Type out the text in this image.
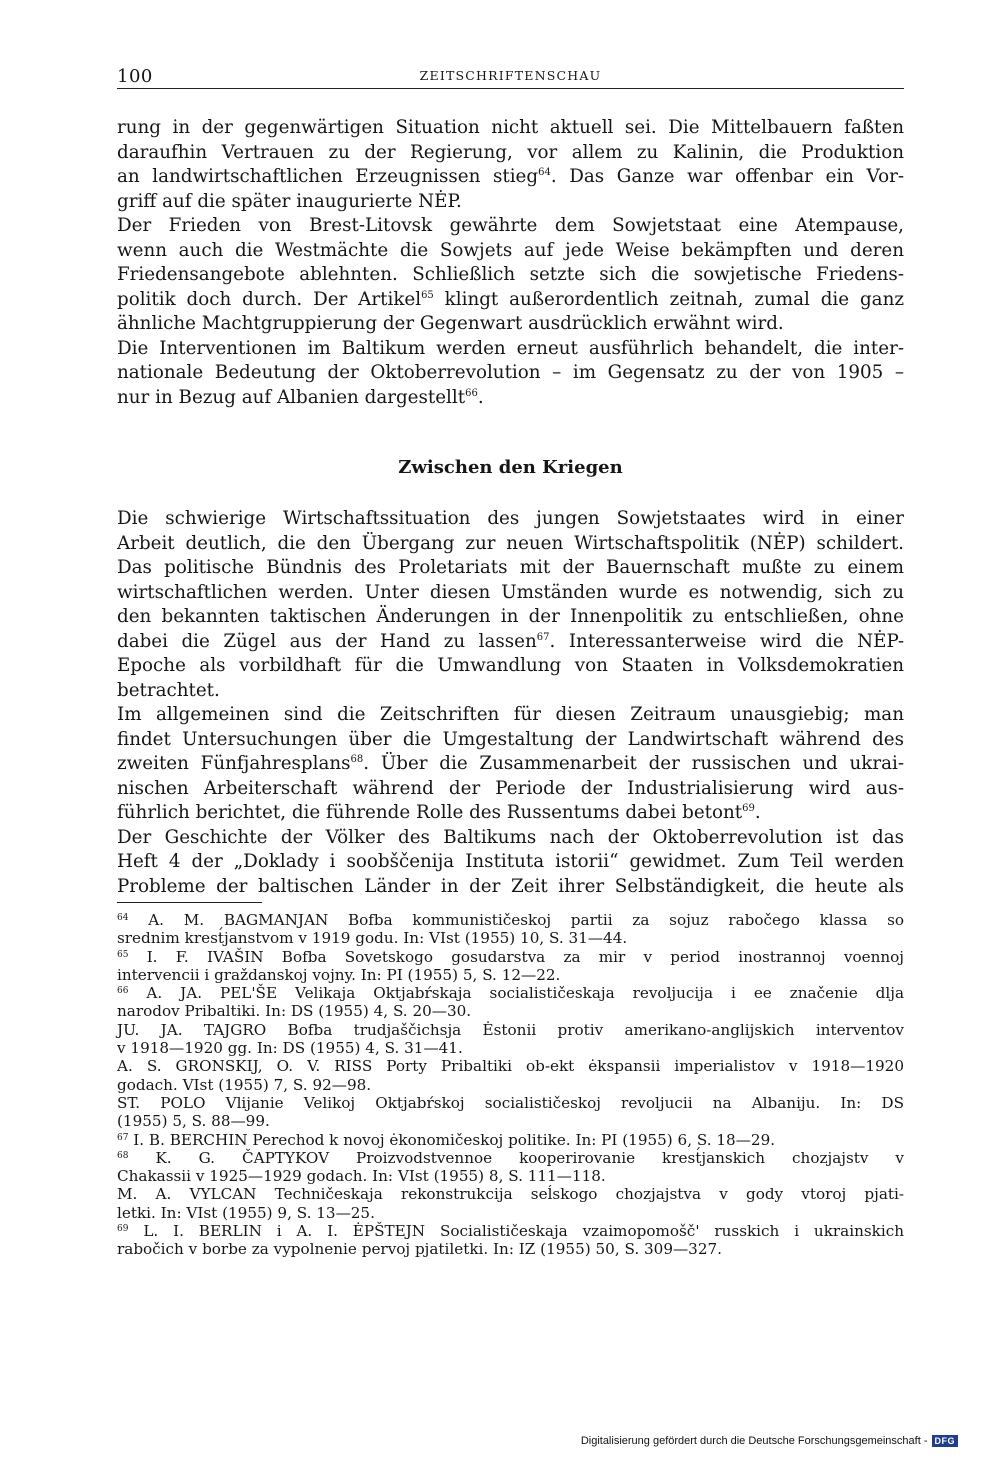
100	ZEITSCHRIFTENSCHAU

rung in der gegenwärtigen Situation nicht aktuell sei. Die Mittelbauern faßten
daraufhin Vertrauen zu der Regierung, vor allem zu Kalinin, die Produktion
an landwirtschaftlichen Erzeugnissen stieg$^{64}$. Das Ganze war offenbar ein Vor-
griff auf die später inaugurierte NĖP.

Der Frieden von Brest-Litovsk gewährte dem Sowjetstaat eine Atempause,
wenn auch die Westmächte die Sowjets auf jede Weise bekämpften und deren
Friedensangebote ablehnten. Schließlich setzte sich die sowjetische Friedens-
politik doch durch. Der Artikel$^{65}$ klingt außerordentlich zeitnah, zumal die ganz
ähnliche Machtgruppierung der Gegenwart ausdrücklich erwähnt wird.

Die Interventionen im Baltikum werden erneut ausführlich behandelt, die inter-
nationale Bedeutung der Oktoberrevolution – im Gegensatz zu der von 1905 –
nur in Bezug auf Albanien dargestellt$^{66}$.

Zwischen den Kriegen

Die schwierige Wirtschaftssituation des jungen Sowjetstaates wird in einer
Arbeit deutlich, die den Übergang zur neuen Wirtschaftspolitik (NĖP) schildert.
Das politische Bündnis des Proletariats mit der Bauernschaft mußte zu einem
wirtschaftlichen werden. Unter diesen Umständen wurde es notwendig, sich zu
den bekannten taktischen Änderungen in der Innenpolitik zu entschließen, ohne
dabei die Zügel aus der Hand zu lassen$^{67}$. Interessanterweise wird die NĖP-
Epoche als vorbildhaft für die Umwandlung von Staaten in Volksdemokratien
betrachtet.

Im allgemeinen sind die Zeitschriften für diesen Zeitraum unausgiebig; man
findet Untersuchungen über die Umgestaltung der Landwirtschaft während des
zweiten Fünfjahresplans$^{68}$. Über die Zusammenarbeit der russischen und ukrai-
nischen Arbeiterschaft während der Periode der Industrialisierung wird aus-
führlich berichtet, die führende Rolle des Russentums dabei betont$^{69}$.

Der Geschichte der Völker des Baltikums nach der Oktoberrevolution ist das
Heft 4 der „Doklady i soobščenija Instituta istorii“ gewidmet. Zum Teil werden
Probleme der baltischen Länder in der Zeit ihrer Selbständigkeit, die heute als

$^{64}$ A. M. BAGMANJAN Bofba kommunističeskoj partii za sojuz rabočego klassa so
srednim krest́janstvom v 1919 godu. In: VIst (1955) 10, S. 31—44.

$^{65}$ I. F. IVAŠIN Bofba Sovetskogo gosudarstva za mir v period inostrannoj voennoj
intervencii i graždanskoj vojny. In: PI (1955) 5, S. 12—22.

$^{66}$ A. JA. PEL'ŠE Velikaja Oktjabŕskaja socialističeskaja revoljucija i ee značenie dlja
narodov Pribaltiki. In: DS (1955) 4, S. 20—30.

JU. JA. TAJGRO Bofba trudjaščichsja Ėstonii protiv amerikano-anglijskich interventov
v 1918—1920 gg. In: DS (1955) 4, S. 31—41.

A. S. GRONSKIJ, O. V. RISS Porty Pribaltiki ob-ekt ėkspansii imperialistov v 1918—1920
godach. VIst (1955) 7, S. 92—98.

ST. POLO Vlijanie Velikoj Oktjabŕskoj socialističeskoj revoljucii na Albaniju. In: DS
(1955) 5, S. 88—99.

$^{67}$ I. B. BERCHIN Perechod k novoj ėkonomičeskoj politike. In: PI (1955) 6, S. 18—29.

$^{68}$ K. G. ČAPTYKOV Proizvodstvennoe kooperirovanie krest́janskich chozjajstv v
Chakassii v 1925—1929 godach. In: VIst (1955) 8, S. 111—118.

M. A. VYLCAN Techničeskaja rekonstrukcija seĺskogo chozjajstva v gody vtoroj pjati-
letki. In: VIst (1955) 9, S. 13—25.

$^{69}$ L. I. BERLIN i A. I. ĖPŠTEJN Socialističeskaja vzaimopomošč' russkich i ukrainskich
rabočich v borbe za vypolnenie pervoj pjatiletki. In: IZ (1955) 50, S. 309—327.

Digitalisierung gefördert durch die Deutsche Forschungsgemeinschaft - DFG
